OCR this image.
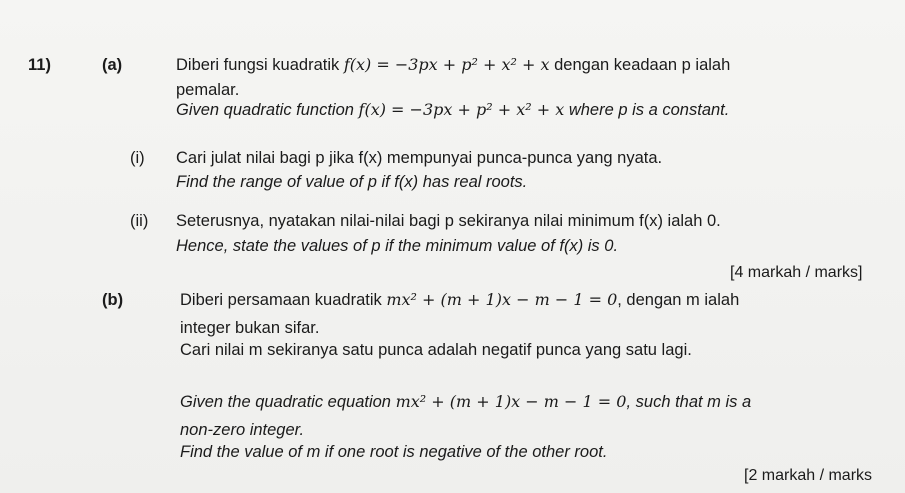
11)	(a)	Diberi fungsi kuadratik f(x) = −3px + p² + x² + x dengan keadaan p ialah
pemalar.
Given quadratic function f(x) = −3px + p² + x² + x where p is a constant.
(i) Cari julat nilai bagi p jika f(x) mempunyai punca-punca yang nyata.
Find the range of value of p if f(x) has real roots.
(ii) Seterusnya, nyatakan nilai-nilai bagi p sekiranya nilai minimum f(x) ialah 0.
Hence, state the values of p if the minimum value of f(x) is 0.
[4 markah / marks]
(b)	Diberi persamaan kuadratik mx² + (m + 1)x − m − 1 = 0, dengan m ialah
integer bukan sifar.
Cari nilai m sekiranya satu punca adalah negatif punca yang satu lagi.
Given the quadratic equation mx² + (m + 1)x − m − 1 = 0, such that m is a
non-zero integer.
Find the value of m if one root is negative of the other root.
[2 markah / marks
